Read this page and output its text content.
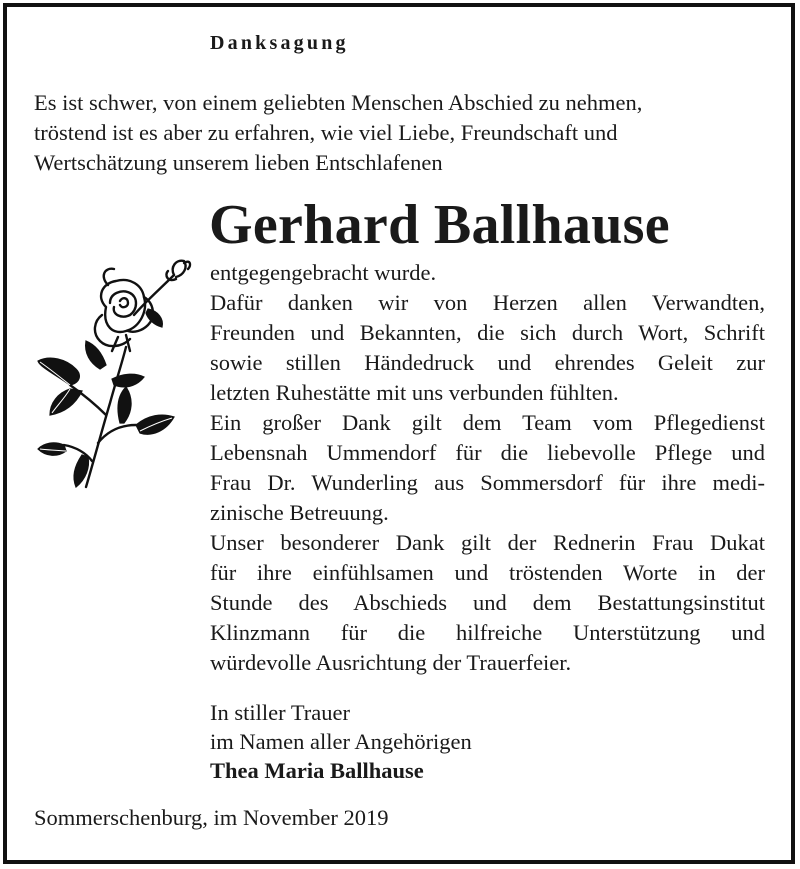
Danksagung

Es ist schwer, von einem geliebten Menschen Abschied zu nehmen,

tröstend ist es aber zu erfahren, wie viel Liebe, Freundschaft und

Wertschätzung unserem lieben Entschlafenen

Gerhard Ballhause
entgegengebracht wurde.
Dafür danken wir von Herzen allen Verwandten,
Freunden und Bekannten, die sich durch Wort, Schrift
sowie stillen Händedruck und ehrendes Geleit zur
letzten Ruhestätte mit uns verbunden fühlten.
Ein großer Dank gilt dem Team vom Pflegedienst
Lebensnah Ummendorf für die liebevolle Pflege und
Frau Dr. Wunderling aus Sommersdorf für ihre medi-
zinische Betreuung.
Unser besonderer Dank gilt der Rednerin Frau Dukat
für ihre einfühlsamen und tröstenden Worte in der
Stunde des Abschieds und dem Bestattungsinstitut
Klinzmann für die hilfreiche Unterstützung und
würdevolle Ausrichtung der Trauerfeier.
In stiller Trauer
im Namen aller Angehörigen
Thea Maria Ballhause
Sommerschenburg, im November 2019
